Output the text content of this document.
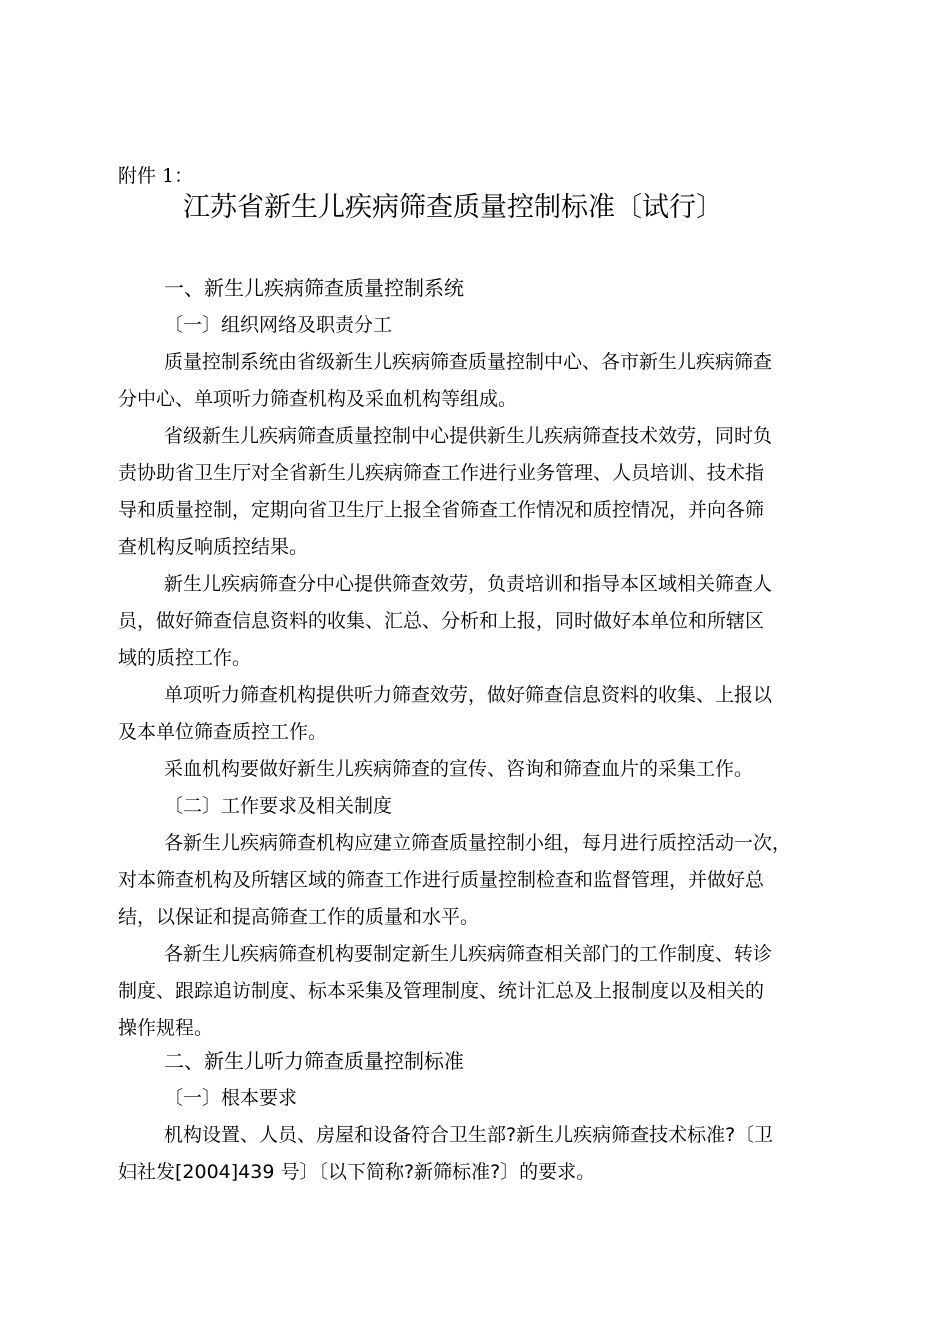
附件 1：
江苏省新生儿疾病筛查质量控制标准〔试行〕
一、新生儿疾病筛查质量控制系统
〔一〕组织网络及职责分工
质量控制系统由省级新生儿疾病筛查质量控制中心、各市新生儿疾病筛查
分中心、单项听力筛查机构及采血机构等组成。
省级新生儿疾病筛查质量控制中心提供新生儿疾病筛查技术效劳，同时负
责协助省卫生厅对全省新生儿疾病筛查工作进行业务管理、人员培训、技术指
导和质量控制，定期向省卫生厅上报全省筛查工作情况和质控情况，并向各筛
查机构反响质控结果。
新生儿疾病筛查分中心提供筛查效劳，负责培训和指导本区域相关筛查人
员，做好筛查信息资料的收集、汇总、分析和上报，同时做好本单位和所辖区
域的质控工作。
单项听力筛查机构提供听力筛查效劳，做好筛查信息资料的收集、上报以
及本单位筛查质控工作。
采血机构要做好新生儿疾病筛查的宣传、咨询和筛查血片的采集工作。
〔二〕工作要求及相关制度
各新生儿疾病筛查机构应建立筛查质量控制小组，每月进行质控活动一次，
对本筛查机构及所辖区域的筛查工作进行质量控制检查和监督管理，并做好总
结，以保证和提高筛查工作的质量和水平。
各新生儿疾病筛查机构要制定新生儿疾病筛查相关部门的工作制度、转诊
制度、跟踪追访制度、标本采集及管理制度、统计汇总及上报制度以及相关的
操作规程。
二、新生儿听力筛查质量控制标准
〔一〕根本要求
机构设置、人员、房屋和设备符合卫生部?新生儿疾病筛查技术标准?〔卫
妇社发[2004]439 号〕〔以下简称?新筛标准?〕的要求。
